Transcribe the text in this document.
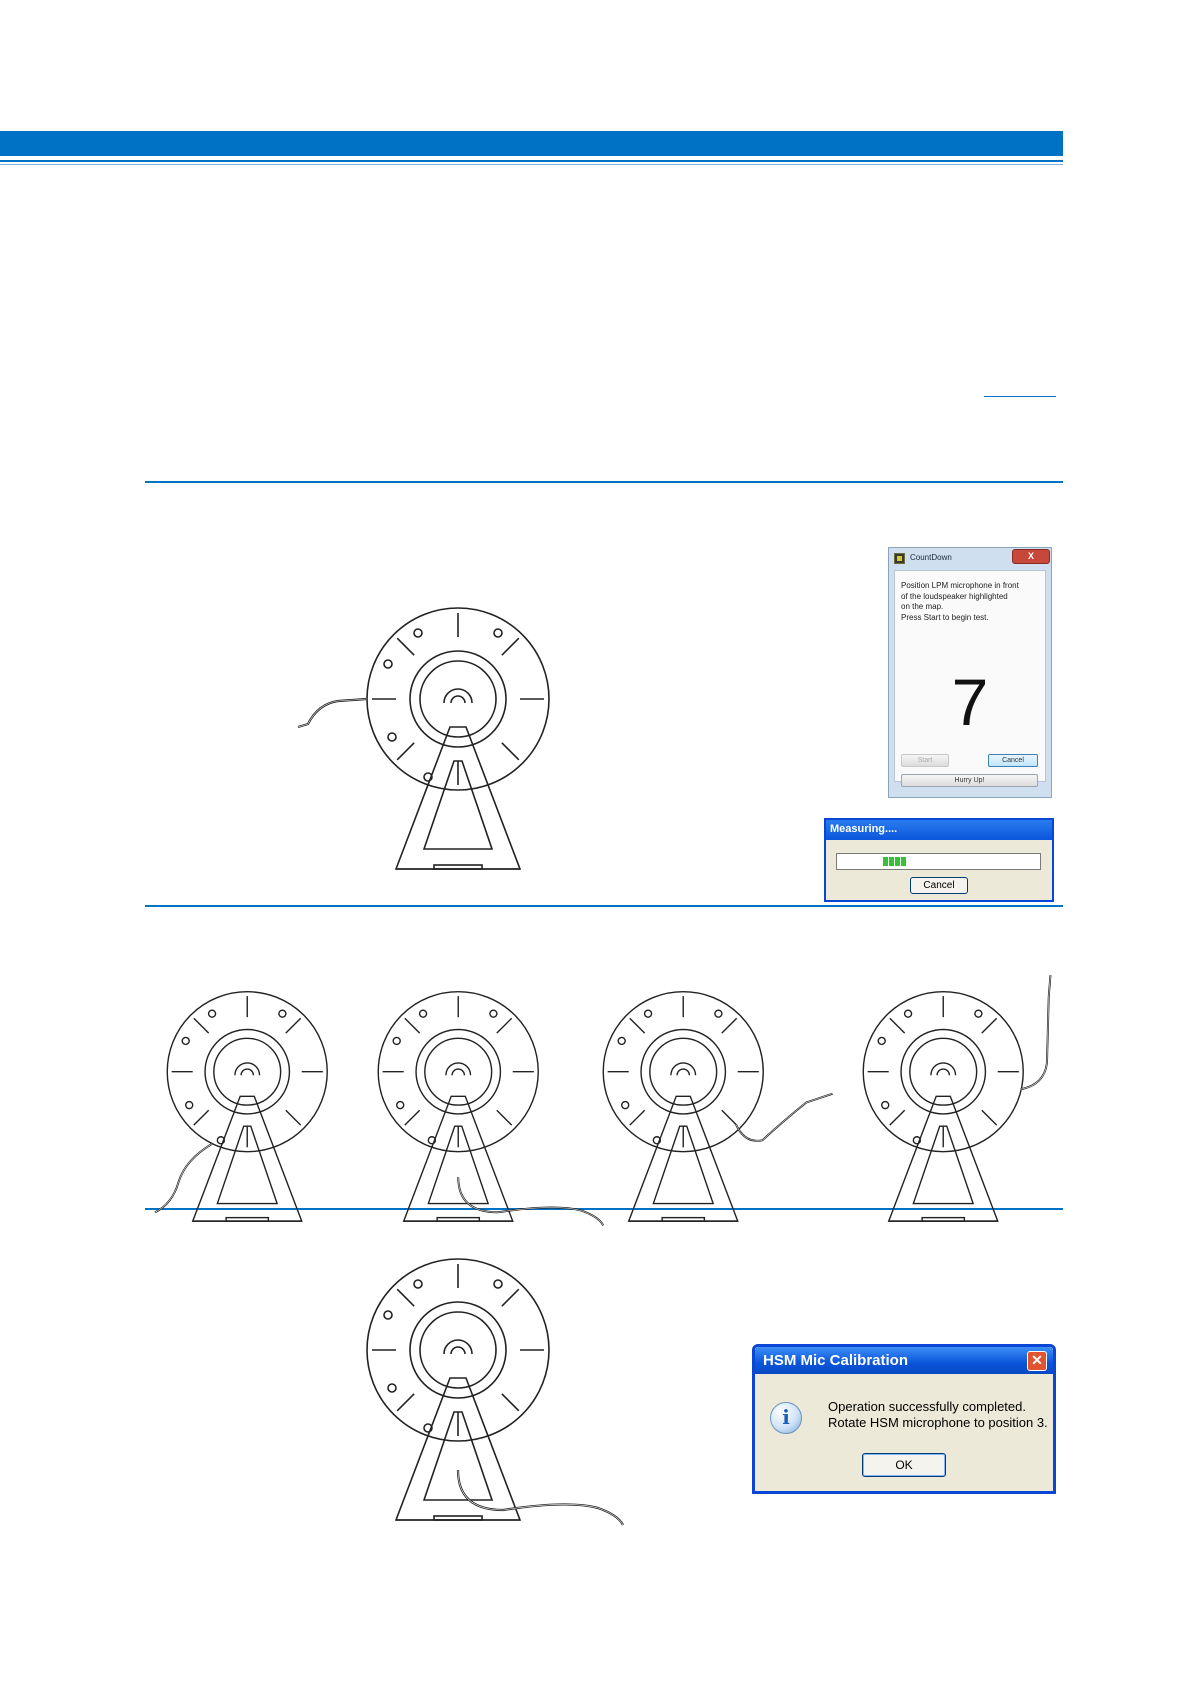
CountDown	X
Position LPM microphone in front
of the loudspeaker highlighted
on the map.
Press Start to begin test.
7
Start	Cancel
Hurry Up!
Measuring....
Cancel
HSM Mic Calibration	✕
i	Operation successfully completed.
Rotate HSM microphone to position 3.
OK
